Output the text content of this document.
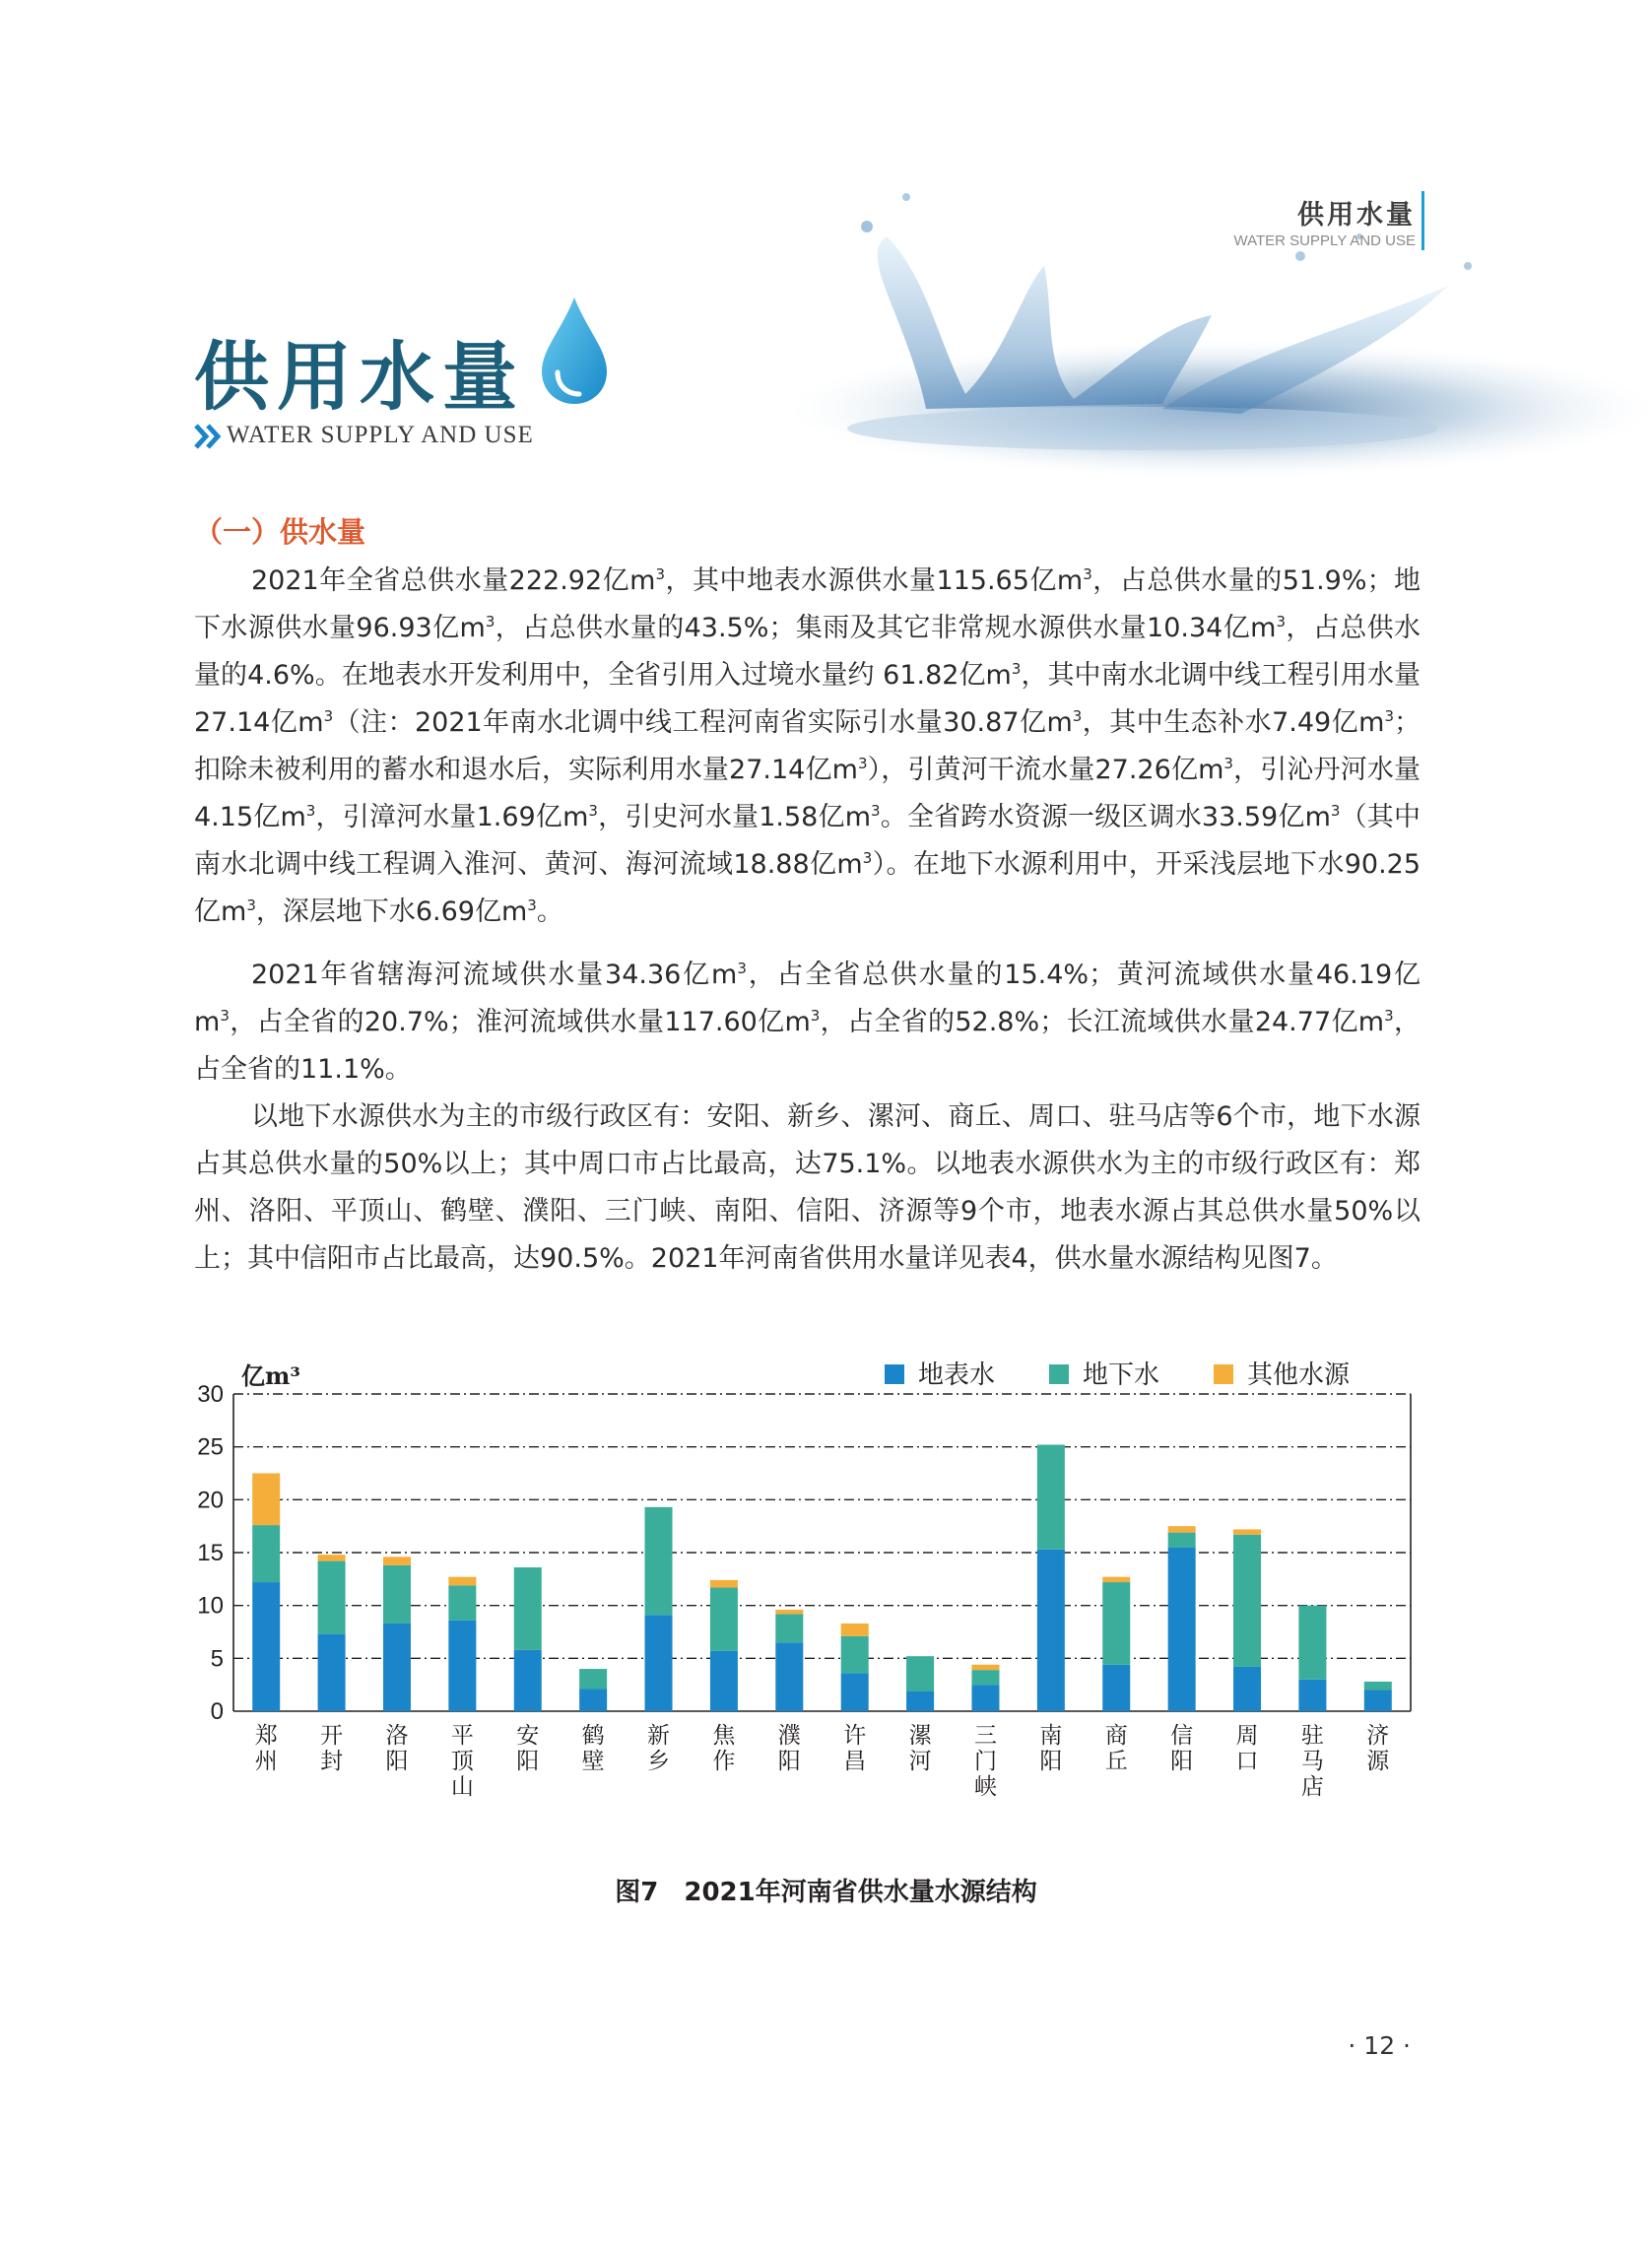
供用水量
WATER SUPPLY AND USE
供用水量
WATER SUPPLY AND USE
（一）供水量

2021年全省总供水量222.92亿$m^3$，其中地表水源供水量115.65亿$m^3$，占总供水量的51.9%；地下水源供水量96.93亿$m^3$，占总供水量的43.5%；集雨及其它非常规水源供水量10.34亿$m^3$，占总供水量的4.6%。在地表水开发利用中，全省引用入过境水量约 61.82亿$m^3$，其中南水北调中线工程引用水量27.14亿$m^3$（注：2021年南水北调中线工程河南省实际引水量30.87亿$m^3$，其中生态补水7.49亿$m^3$；扣除未被利用的蓄水和退水后，实际利用水量27.14亿$m^3$），引黄河干流水量27.26亿$m^3$，引沁丹河水量4.15亿$m^3$，引漳河水量1.69亿$m^3$，引史河水量1.58亿$m^3$。全省跨水资源一级区调水33.59亿$m^3$（其中南水北调中线工程调入淮河、黄河、海河流域18.88亿$m^3$）。在地下水源利用中，开采浅层地下水90.25亿$m^3$，深层地下水6.69亿$m^3$。

2021年省辖海河流域供水量34.36亿$m^3$，占全省总供水量的15.4%；黄河流域供水量46.19亿$m^3$，占全省的20.7%；淮河流域供水量117.60亿$m^3$，占全省的52.8%；长江流域供水量24.77亿$m^3$，占全省的11.1%。

以地下水源供水为主的市级行政区有：安阳、新乡、漯河、商丘、周口、驻马店等6个市，地下水源占其总供水量的50%以上；其中周口市占比最高，达75.1%。以地表水源供水为主的市级行政区有：郑州、洛阳、平顶山、鹤壁、濮阳、三门峡、南阳、信阳、济源等9个市，地表水源占其总供水量50%以上；其中信阳市占比最高，达90.5%。2021年河南省供用水量详见表4，供水量水源结构见图7。

0
5
10
15
20
25
30
亿m³
郑
州
开
封
洛
阳
平
顶
山
安
阳
鹤
壁
新
乡
焦
作
濮
阳
许
昌
漯
河
三
门
峡
南
阳
商
丘
信
阳
周
口
驻
马
店
济
源
地表水	地下水	其他水源
图7　2021年河南省供水量水源结构
· 12 ·
